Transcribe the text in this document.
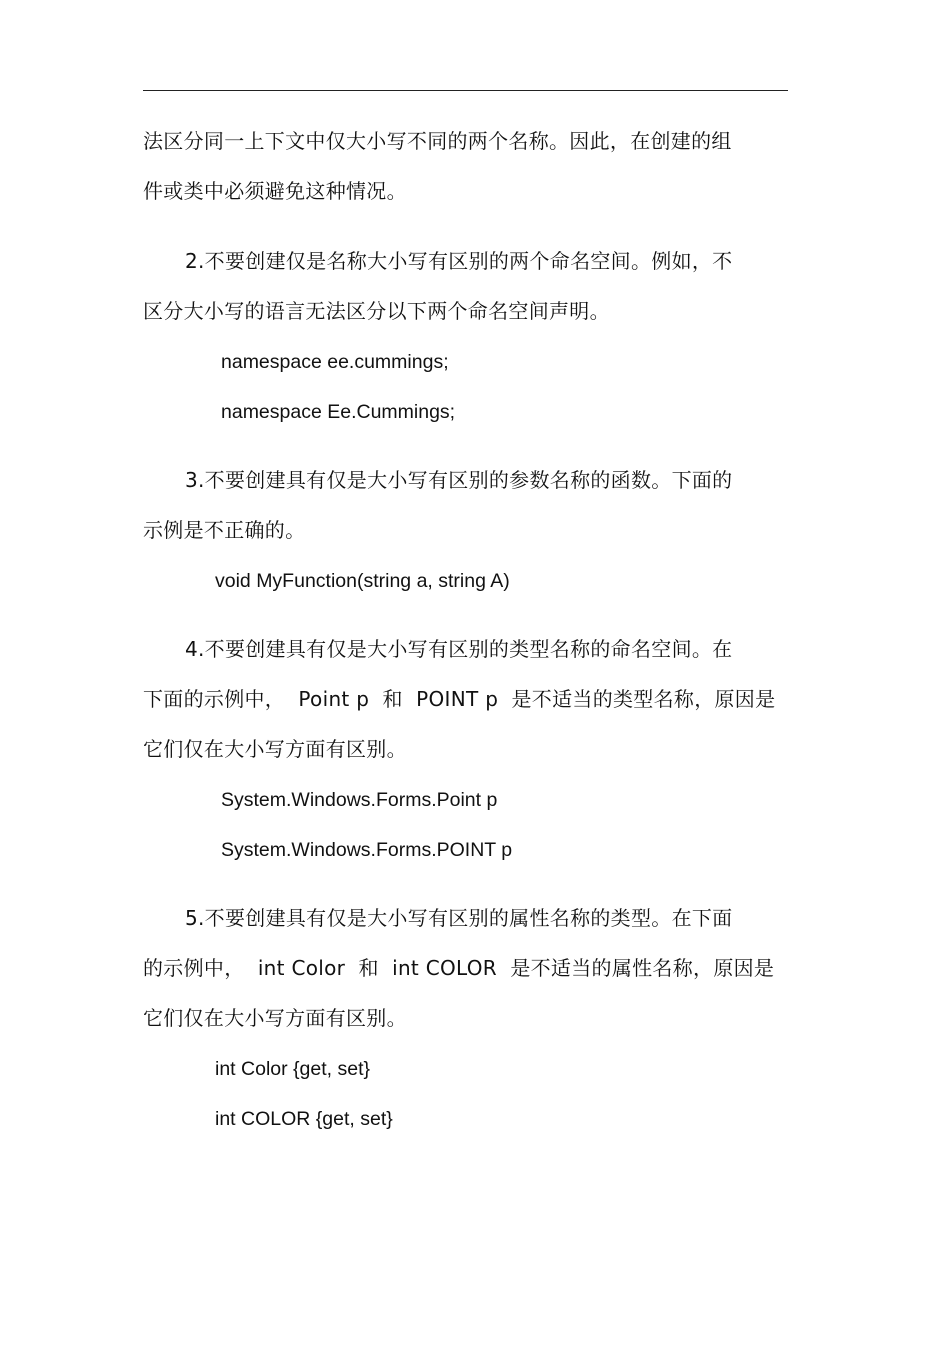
法区分同一上下文中仅大小写不同的两个名称。因此，在创建的组
件或类中必须避免这种情况。
2.不要创建仅是名称大小写有区别的两个命名空间。例如，不
区分大小写的语言无法区分以下两个命名空间声明。
namespace ee.cummings;
namespace Ee.Cummings;
3.不要创建具有仅是大小写有区别的参数名称的函数。下面的
示例是不正确的。
void MyFunction(string a, string A)
4.不要创建具有仅是大小写有区别的类型名称的命名空间。在
下面的示例中，  Point p  和  POINT p  是不适当的类型名称，原因是
它们仅在大小写方面有区别。
System.Windows.Forms.Point p
System.Windows.Forms.POINT p
5.不要创建具有仅是大小写有区别的属性名称的类型。在下面
的示例中，  int Color  和  int COLOR  是不适当的属性名称，原因是
它们仅在大小写方面有区别。
int Color {get, set}
int COLOR {get, set}
